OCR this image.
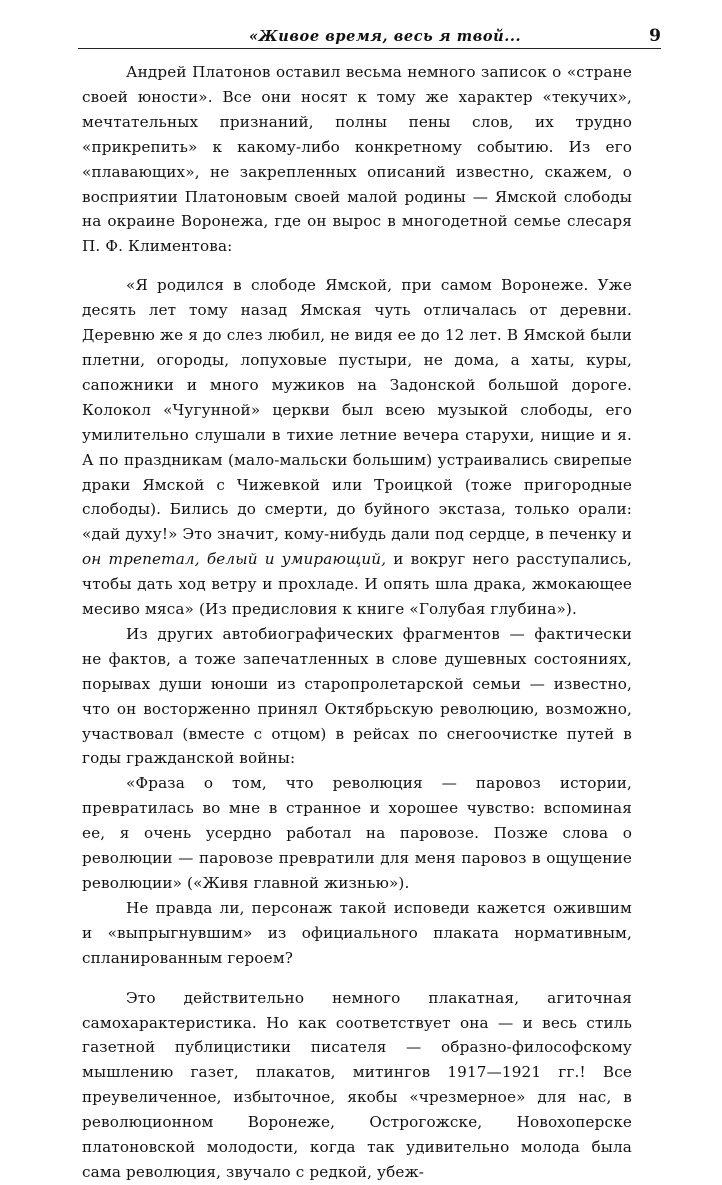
«Живое время, весь я твой...	9

Андрей Платонов оставил весьма немного записок о «стране своей юности». Все они носят к тому же характер «текучих», мечтательных признаний, полны пены слов, их трудно «прикрепить» к какому-либо конкретному событию. Из его «плавающих», не закрепленных описаний известно, скажем, о восприятии Платоновым своей малой родины — Ямской слободы на окраине Воронежа, где он вырос в многодетной семье слесаря П. Ф. Климентова:

«Я родился в слободе Ямской, при самом Воронеже. Уже десять лет тому назад Ямская чуть отличалась от деревни. Деревню же я до слез любил, не видя ее до 12 лет. В Ямской были плетни, огороды, лопуховые пустыри, не дома, а хаты, куры, сапожники и много мужиков на Задонской большой дороге. Колокол «Чугунной» церкви был всею музыкой слободы, его умилительно слушали в тихие летние вечера старухи, нищие и я. А по праздникам (мало-мальски большим) устраивались свирепые драки Ямской с Чижевкой или Троицкой (тоже пригородные слободы). Бились до смерти, до буйного экстаза, только орали: «дай духу!» Это значит, кому-нибудь дали под сердце, в печенку и он трепетал, белый и умирающий, и вокруг него расступались, чтобы дать ход ветру и прохладе. И опять шла драка, жмокающее месиво мяса» (Из предисловия к книге «Голубая глубина»).

Из других автобиографических фрагментов — фактически не фактов, а тоже запечатленных в слове душевных состояниях, порывах души юноши из старопролетарской семьи — известно, что он восторженно принял Октябрьскую революцию, возможно, участвовал (вместе с отцом) в рейсах по снегоочистке путей в годы гражданской войны:

«Фраза о том, что революция — паровоз истории, превратилась во мне в странное и хорошее чувство: вспоминая ее, я очень усердно работал на паровозе. Позже слова о революции — паровозе превратили для меня паровоз в ощущение революции» («Живя главной жизнью»).

Не правда ли, персонаж такой исповеди кажется ожившим и «выпрыгнувшим» из официального плаката нормативным, спланированным героем?

Это действительно немного плакатная, агиточная самохарактеристика. Но как соответствует она — и весь стиль газетной публицистики писателя — образно-философскому мышлению газет, плакатов, митингов 1917—1921 гг.! Все преувеличенное, избыточное, якобы «чрезмерное» для нас, в революционном Воронеже, Острогожске, Новохоперске платоновской молодости, когда так удивительно молода была сама революция, звучало с редкой, убеж-
